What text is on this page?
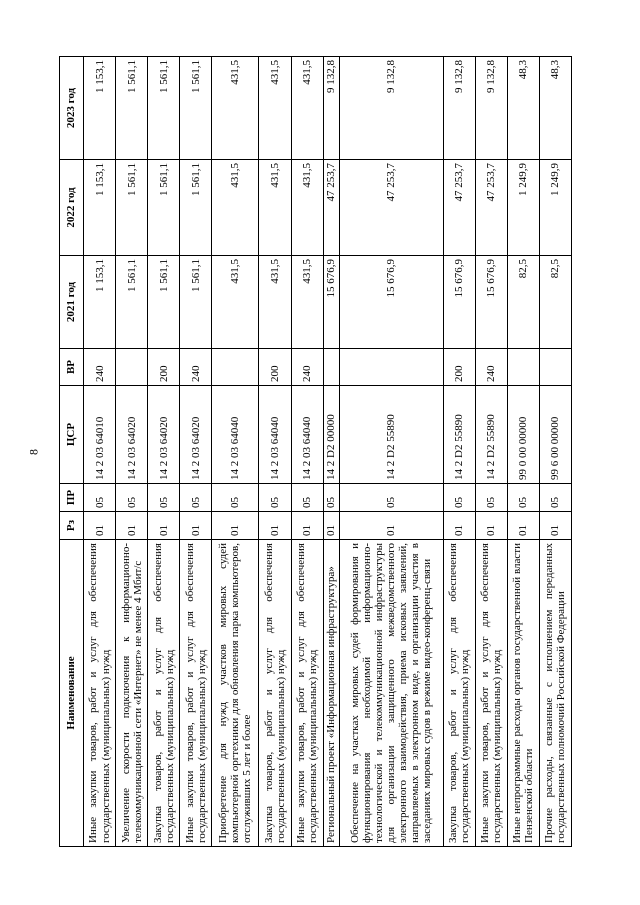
8
Наименование	Рз	ПР	ЦСР	ВР	2021 год	2022 год	2023 год
Иные закупки товаров, работ и услуг для обеспечения государственных (муниципальных) нужд	01	05	14 2 03 64010	240	1 153,1	1 153,1	1 153,1
Увеличение скорости подключения к информационно-телекоммуникационной сети «Интернет» не менее 4 Мбит/с	01	05	14 2 03 64020		1 561,1	1 561,1	1 561,1
Закупка товаров, работ и услуг для обеспечения государственных (муниципальных) нужд	01	05	14 2 03 64020	200	1 561,1	1 561,1	1 561,1
Иные закупки товаров, работ и услуг для обеспечения государственных (муниципальных) нужд	01	05	14 2 03 64020	240	1 561,1	1 561,1	1 561,1
Приобретение для нужд участков мировых судей компьютерной оргтехники для обновления парка компьютеров, отслуживших 5 лет и более	01	05	14 2 03 64040		431,5	431,5	431,5
Закупка товаров, работ и услуг для обеспечения государственных (муниципальных) нужд	01	05	14 2 03 64040	200	431,5	431,5	431,5
Иные закупки товаров, работ и услуг для обеспечения государственных (муниципальных) нужд	01	05	14 2 03 64040	240	431,5	431,5	431,5
Региональный проект «Информационная инфраструктура»	01	05	14 2 D2 00000		15 676,9	47 253,7	9 132,8
Обеспечение на участках мировых судей формирования и функционирования необходимой информационно-технологической и телекоммуникационной инфраструктуры для организации защищенного межведомственного электронного взаимодействия, приема исковых заявлений, направляемых в электронном виде, и организации участия в заседаниях мировых судов в режиме видео-конференц-связи	01	05	14 2 D2 55890		15 676,9	47 253,7	9 132,8
Закупка товаров, работ и услуг для обеспечения государственных (муниципальных) нужд	01	05	14 2 D2 55890	200	15 676,9	47 253,7	9 132,8
Иные закупки товаров, работ и услуг для обеспечения государственных (муниципальных) нужд	01	05	14 2 D2 55890	240	15 676,9	47 253,7	9 132,8
Иные непрограммные расходы органов государственной власти Пензенской области	01	05	99 0 00 00000		82,5	1 249,9	48,3
Прочие расходы, связанные с исполнением переданных государственных полномочий Российской Федерации	01	05	99 6 00 00000		82,5	1 249,9	48,3
